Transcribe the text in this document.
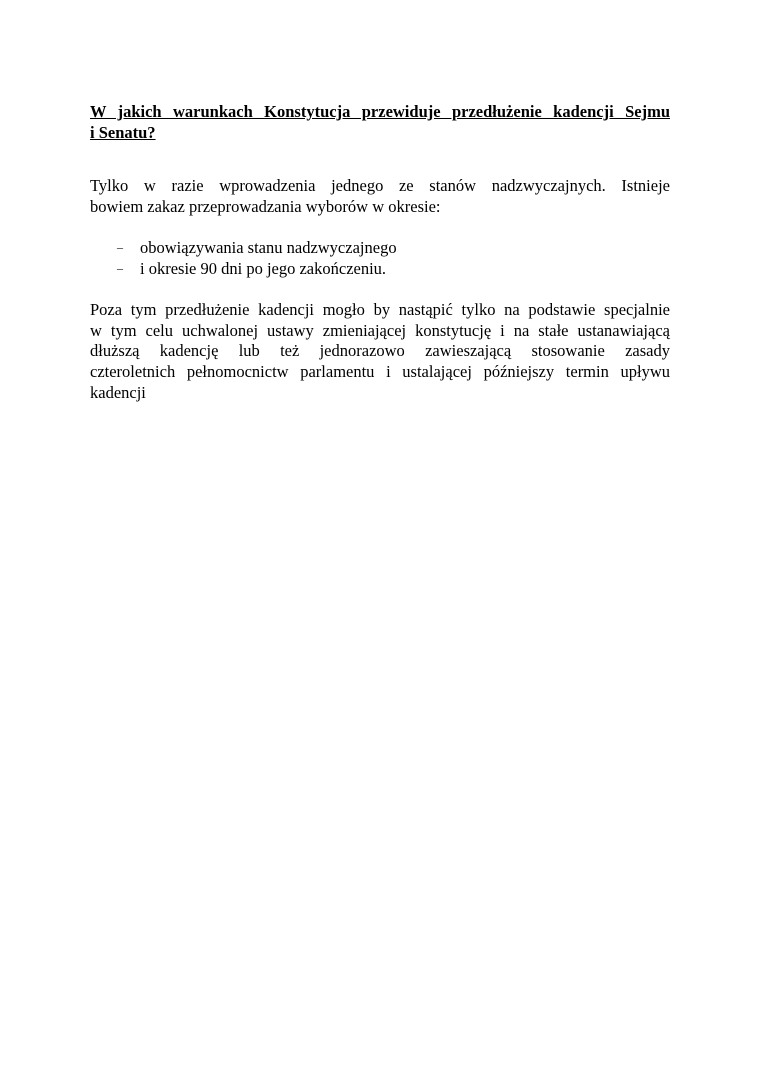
W jakich warunkach Konstytucja przewiduje przedłużenie kadencji Sejmu
i Senatu?
Tylko w razie wprowadzenia jednego ze stanów nadzwyczajnych. Istnieje
bowiem zakaz przeprowadzania wyborów w okresie:
– obowiązywania stanu nadzwyczajnego
– i okresie 90 dni po jego zakończeniu.
Poza tym przedłużenie kadencji mogło by nastąpić tylko na podstawie specjalnie
w tym celu uchwalonej ustawy zmieniającej konstytucję i na stałe ustanawiającą
dłuższą kadencję lub też jednorazowo zawieszającą stosowanie zasady
czteroletnich pełnomocnictw parlamentu i ustalającej późniejszy termin upływu
kadencji
